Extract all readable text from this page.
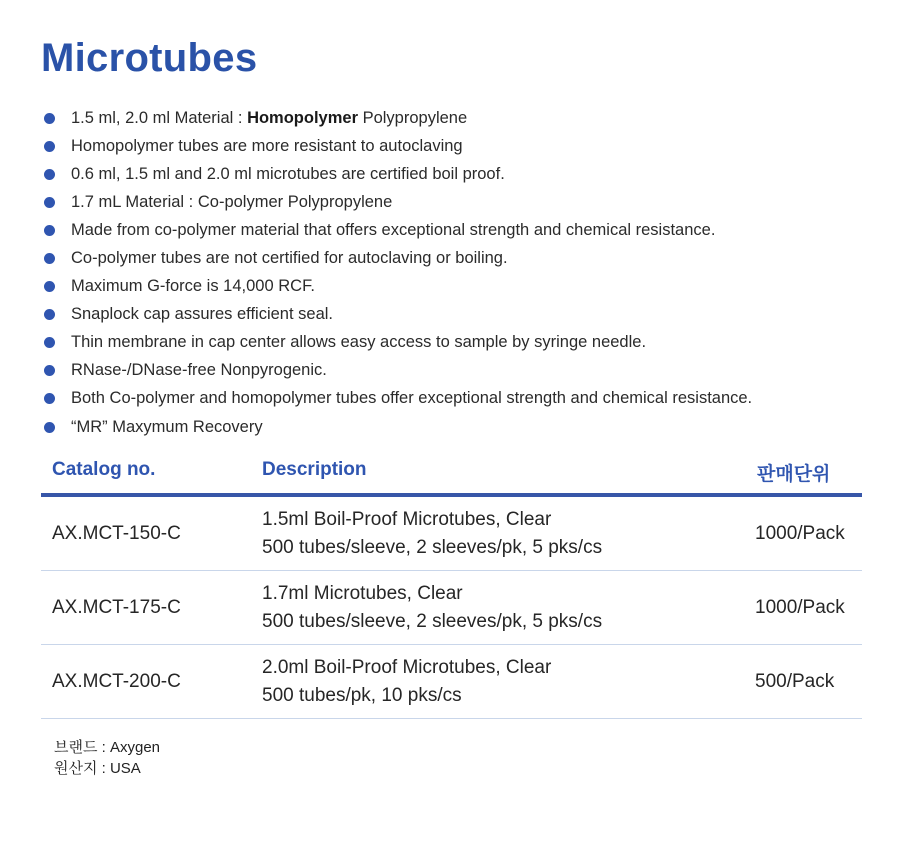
Microtubes
1.5 ml, 2.0 ml Material : Homopolymer Polypropylene
Homopolymer tubes are more resistant to autoclaving
0.6 ml, 1.5 ml and 2.0 ml microtubes are certified boil proof.
1.7 mL Material : Co-polymer Polypropylene
Made from co-polymer material that offers exceptional strength and chemical resistance.
Co-polymer tubes are not certified for autoclaving or boiling.
Maximum G-force is 14,000 RCF.
Snaplock cap assures efficient seal.
Thin membrane in cap center allows easy access to sample by syringe needle.
RNase-/DNase-free Nonpyrogenic.
Both Co-polymer and homopolymer tubes offer exceptional strength and chemical resistance.
“MR” Maxymum Recovery
Catalog no.	Description	판매단위
AX.MCT-150-C
1.5ml Boil-Proof Microtubes, Clear
500 tubes/sleeve, 2 sleeves/pk, 5 pks/cs
1000/Pack
AX.MCT-175-C
1.7ml Microtubes, Clear
500 tubes/sleeve, 2 sleeves/pk, 5 pks/cs
1000/Pack
AX.MCT-200-C
2.0ml Boil-Proof Microtubes, Clear
500 tubes/pk, 10 pks/cs
500/Pack
브랜드 : Axygen
원산지 : USA
